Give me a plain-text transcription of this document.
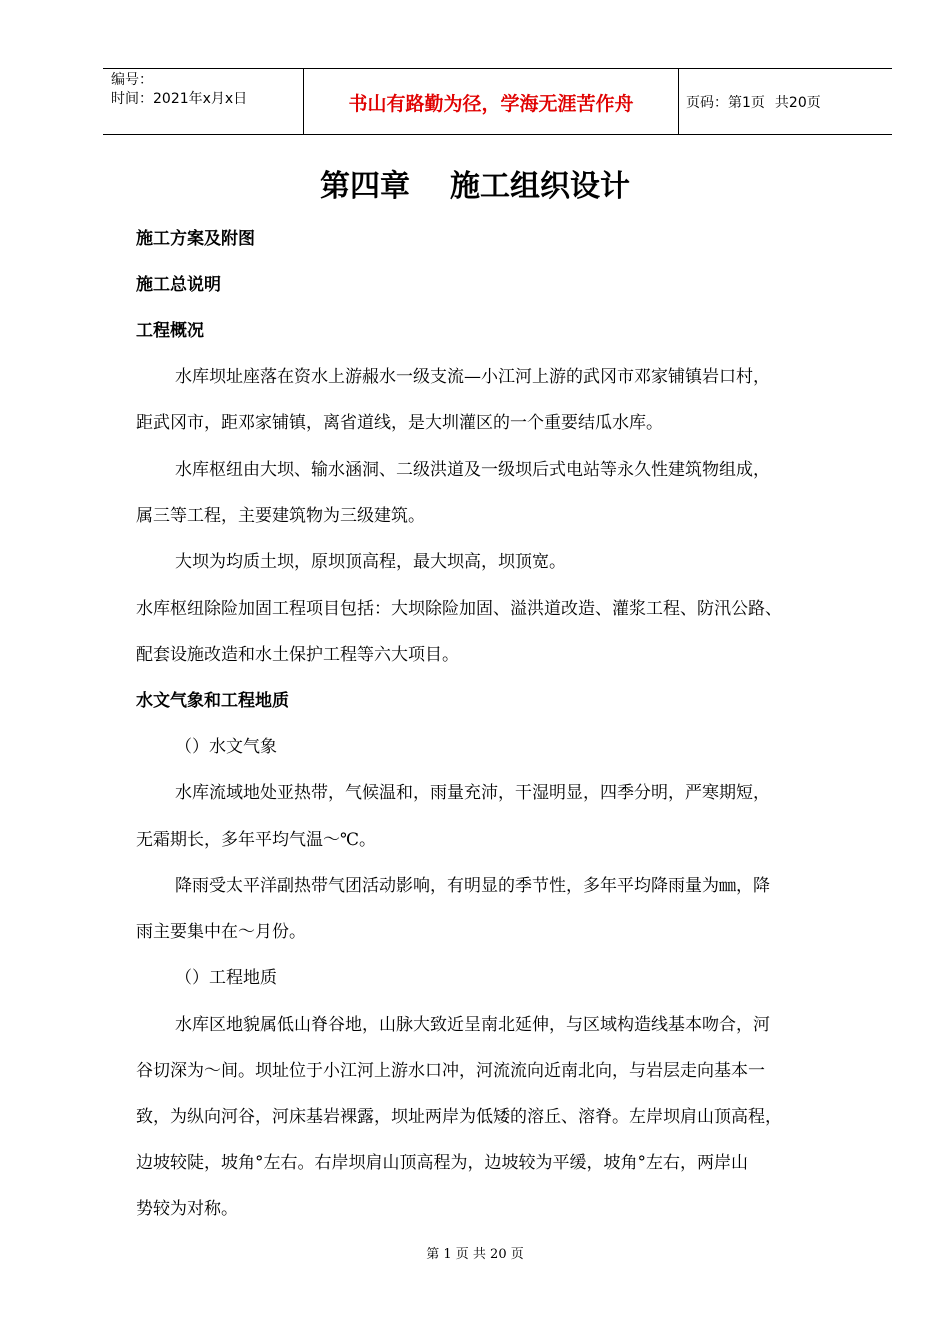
编号：
时间：2021年x月x日	书山有路勤为径，学海无涯苦作舟	页码：第1页 共20页
第四章 施工组织设计
施工方案及附图
施工总说明
工程概况
水库坝址座落在资水上游赧水一级支流—小江河上游的武冈市邓家铺镇岩口村，
距武冈市，距邓家铺镇，离省道线，是大圳灌区的一个重要结瓜水库。
水库枢纽由大坝、输水涵洞、二级洪道及一级坝后式电站等永久性建筑物组成，
属三等工程，主要建筑物为三级建筑。
大坝为均质土坝，原坝顶高程，最大坝高，坝顶宽。
水库枢纽除险加固工程项目包括：大坝除险加固、溢洪道改造、灌浆工程、防汛公路、
配套设施改造和水土保护工程等六大项目。
水文气象和工程地质
（）水文气象
水库流域地处亚热带，气候温和，雨量充沛，干湿明显，四季分明，严寒期短，
无霜期长，多年平均气温～℃。
降雨受太平洋副热带气团活动影响，有明显的季节性，多年平均降雨量为㎜，降
雨主要集中在～月份。
（）工程地质
水库区地貌属低山脊谷地，山脉大致近呈南北延伸，与区域构造线基本吻合，河
谷切深为～间。坝址位于小江河上游水口冲，河流流向近南北向，与岩层走向基本一
致，为纵向河谷，河床基岩裸露，坝址两岸为低矮的溶丘、溶脊。左岸坝肩山顶高程，
边坡较陡，坡角°左右。右岸坝肩山顶高程为，边坡较为平缓，坡角°左右，两岸山
势较为对称。
第 1 页 共 20 页
